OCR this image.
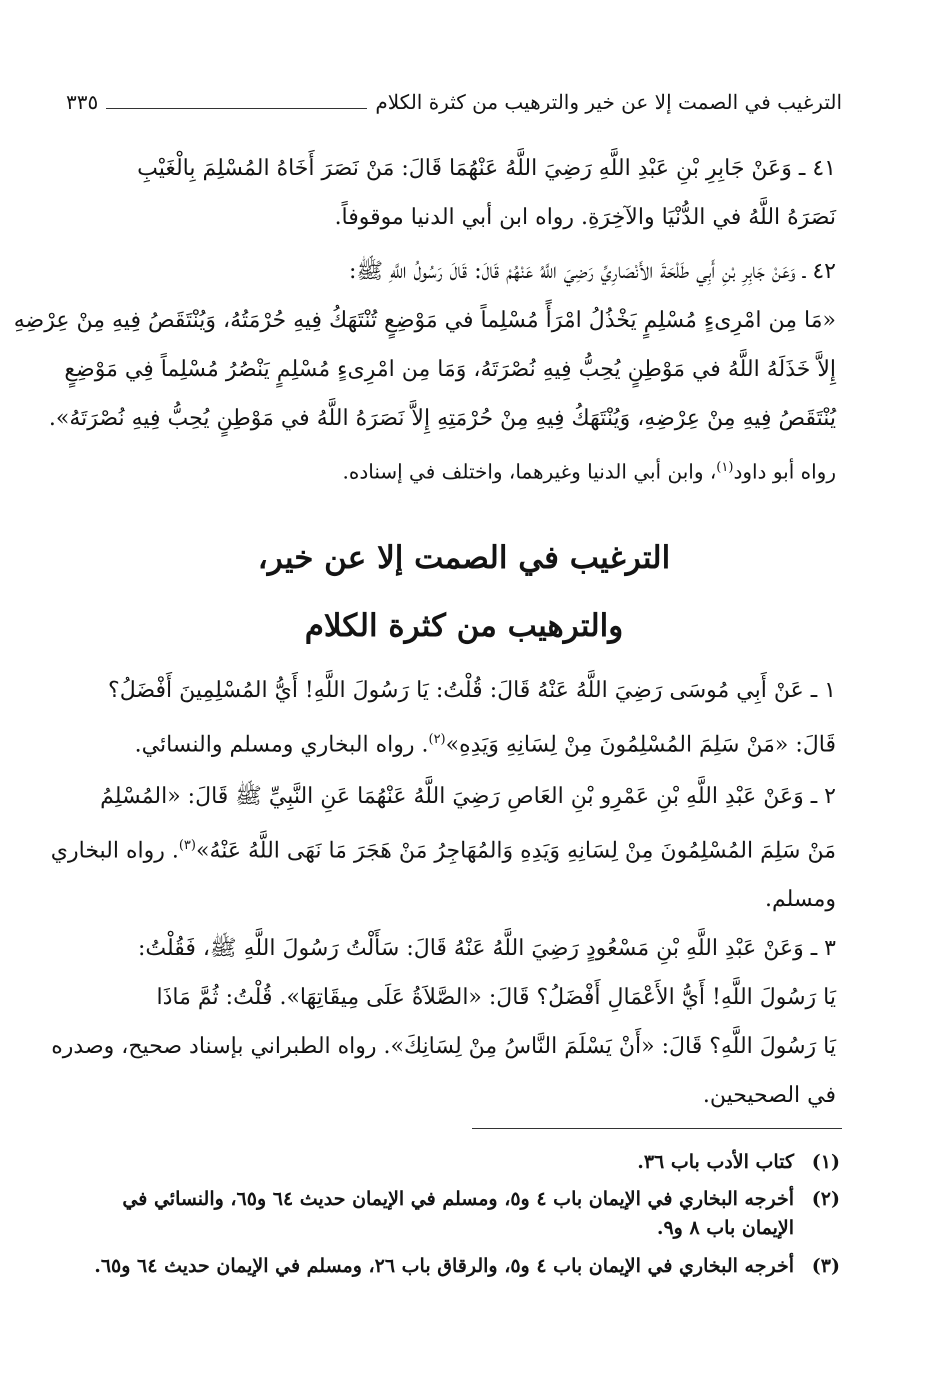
الترغيب في الصمت إلا عن خير والترهيب من كثرة الكلام
٣٣٥
٤١ ـ وَعَنْ جَابِرِ بْنِ عَبْدِ اللَّهِ رَضِيَ اللَّهُ عَنْهُمَا قَالَ: مَنْ نَصَرَ أَخَاهُ المُسْلِمَ بِالْغَيْبِ
نَصَرَهُ اللَّهُ في الدُّنْيَا والآخِرَةِ. رواه ابن أبي الدنيا موقوفاً.
٤٢ ـ وَعَنْ جَابِرِ بْنِ أَبِي طَلْحَةَ الأَنْصَارِيِّ رَضِيَ اللَّهُ عَنْهُمْ قَالَ: قَالَ رَسُولُ اللَّهِ ﷺ:
«مَا مِن امْرِىءٍ مُسْلِمٍ يَخْذُلُ امْرَأً مُسْلِماً في مَوْضِعٍ تُنْتَهَكُ فِيهِ حُرْمَتُهُ، وَيُنْتَقَصُ فِيهِ مِنْ عِرْضِهِ
إِلاَّ خَذَلَهُ اللَّهُ في مَوْطِنٍ يُحِبُّ فِيهِ نُصْرَتَهُ، وَمَا مِن امْرِىءٍ مُسْلِمٍ يَنْصُرُ مُسْلِماً فِي مَوْضِعٍ
يُنْتَقَصُ فِيهِ مِنْ عِرْضِهِ، وَيُنْتَهَكُ فِيهِ مِنْ حُرْمَتِهِ إِلاَّ نَصَرَهُ اللَّهُ في مَوْطِنٍ يُحِبُّ فِيهِ نُصْرَتَهُ».
رواه أبو داود$^{(١)}$، وابن أبي الدنيا وغيرهما، واختلف في إسناده.
الترغيب في الصمت إلا عن خير،
والترهيب من كثرة الكلام
١ ـ عَنْ أَبِي مُوسَى رَضِيَ اللَّهُ عَنْهُ قَالَ: قُلْتُ: يَا رَسُولَ اللَّهِ! أَيُّ المُسْلِمِينَ أَفْضَلُ؟
قَالَ: «مَنْ سَلِمَ المُسْلِمُونَ مِنْ لِسَانِهِ وَيَدِهِ»$^{(٢)}$. رواه البخاري ومسلم والنسائي.
٢ ـ وَعَنْ عَبْدِ اللَّهِ بْنِ عَمْرِو بْنِ العَاصِ رَضِيَ اللَّهُ عَنْهُمَا عَنِ النَّبِيِّ ﷺ قَالَ: «المُسْلِمُ
مَنْ سَلِمَ المُسْلِمُونَ مِنْ لِسَانِهِ وَيَدِهِ وَالمُهَاجِرُ مَنْ هَجَرَ مَا نَهَى اللَّهُ عَنْهُ»$^{(٣)}$. رواه البخاري
ومسلم.
٣ ـ وَعَنْ عَبْدِ اللَّهِ بْنِ مَسْعُودٍ رَضِيَ اللَّهُ عَنْهُ قَالَ: سَأَلْتُ رَسُولَ اللَّهِ ﷺ، فَقُلْتُ:
يَا رَسُولَ اللَّهِ! أَيُّ الأَعْمَالِ أَفْضَلُ؟ قَالَ: «الصَّلاَةُ عَلَى مِيقَاتِهَا». قُلْتُ: ثُمَّ مَاذَا
يَا رَسُولَ اللَّهِ؟ قَالَ: «أَنْ يَسْلَمَ النَّاسُ مِنْ لِسَانِكَ». رواه الطبراني بإسناد صحيح، وصدره
في الصحيحين.
(١)
كتاب الأدب باب ٣٦.
(٢)
أخرجه البخاري في الإيمان باب ٤ و٥، ومسلم في الإيمان حديث ٦٤ و٦٥، والنسائي في الإيمان باب ٨ و٩.
(٣)
أخرجه البخاري في الإيمان باب ٤ و٥، والرقاق باب ٢٦، ومسلم في الإيمان حديث ٦٤ و٦٥.
